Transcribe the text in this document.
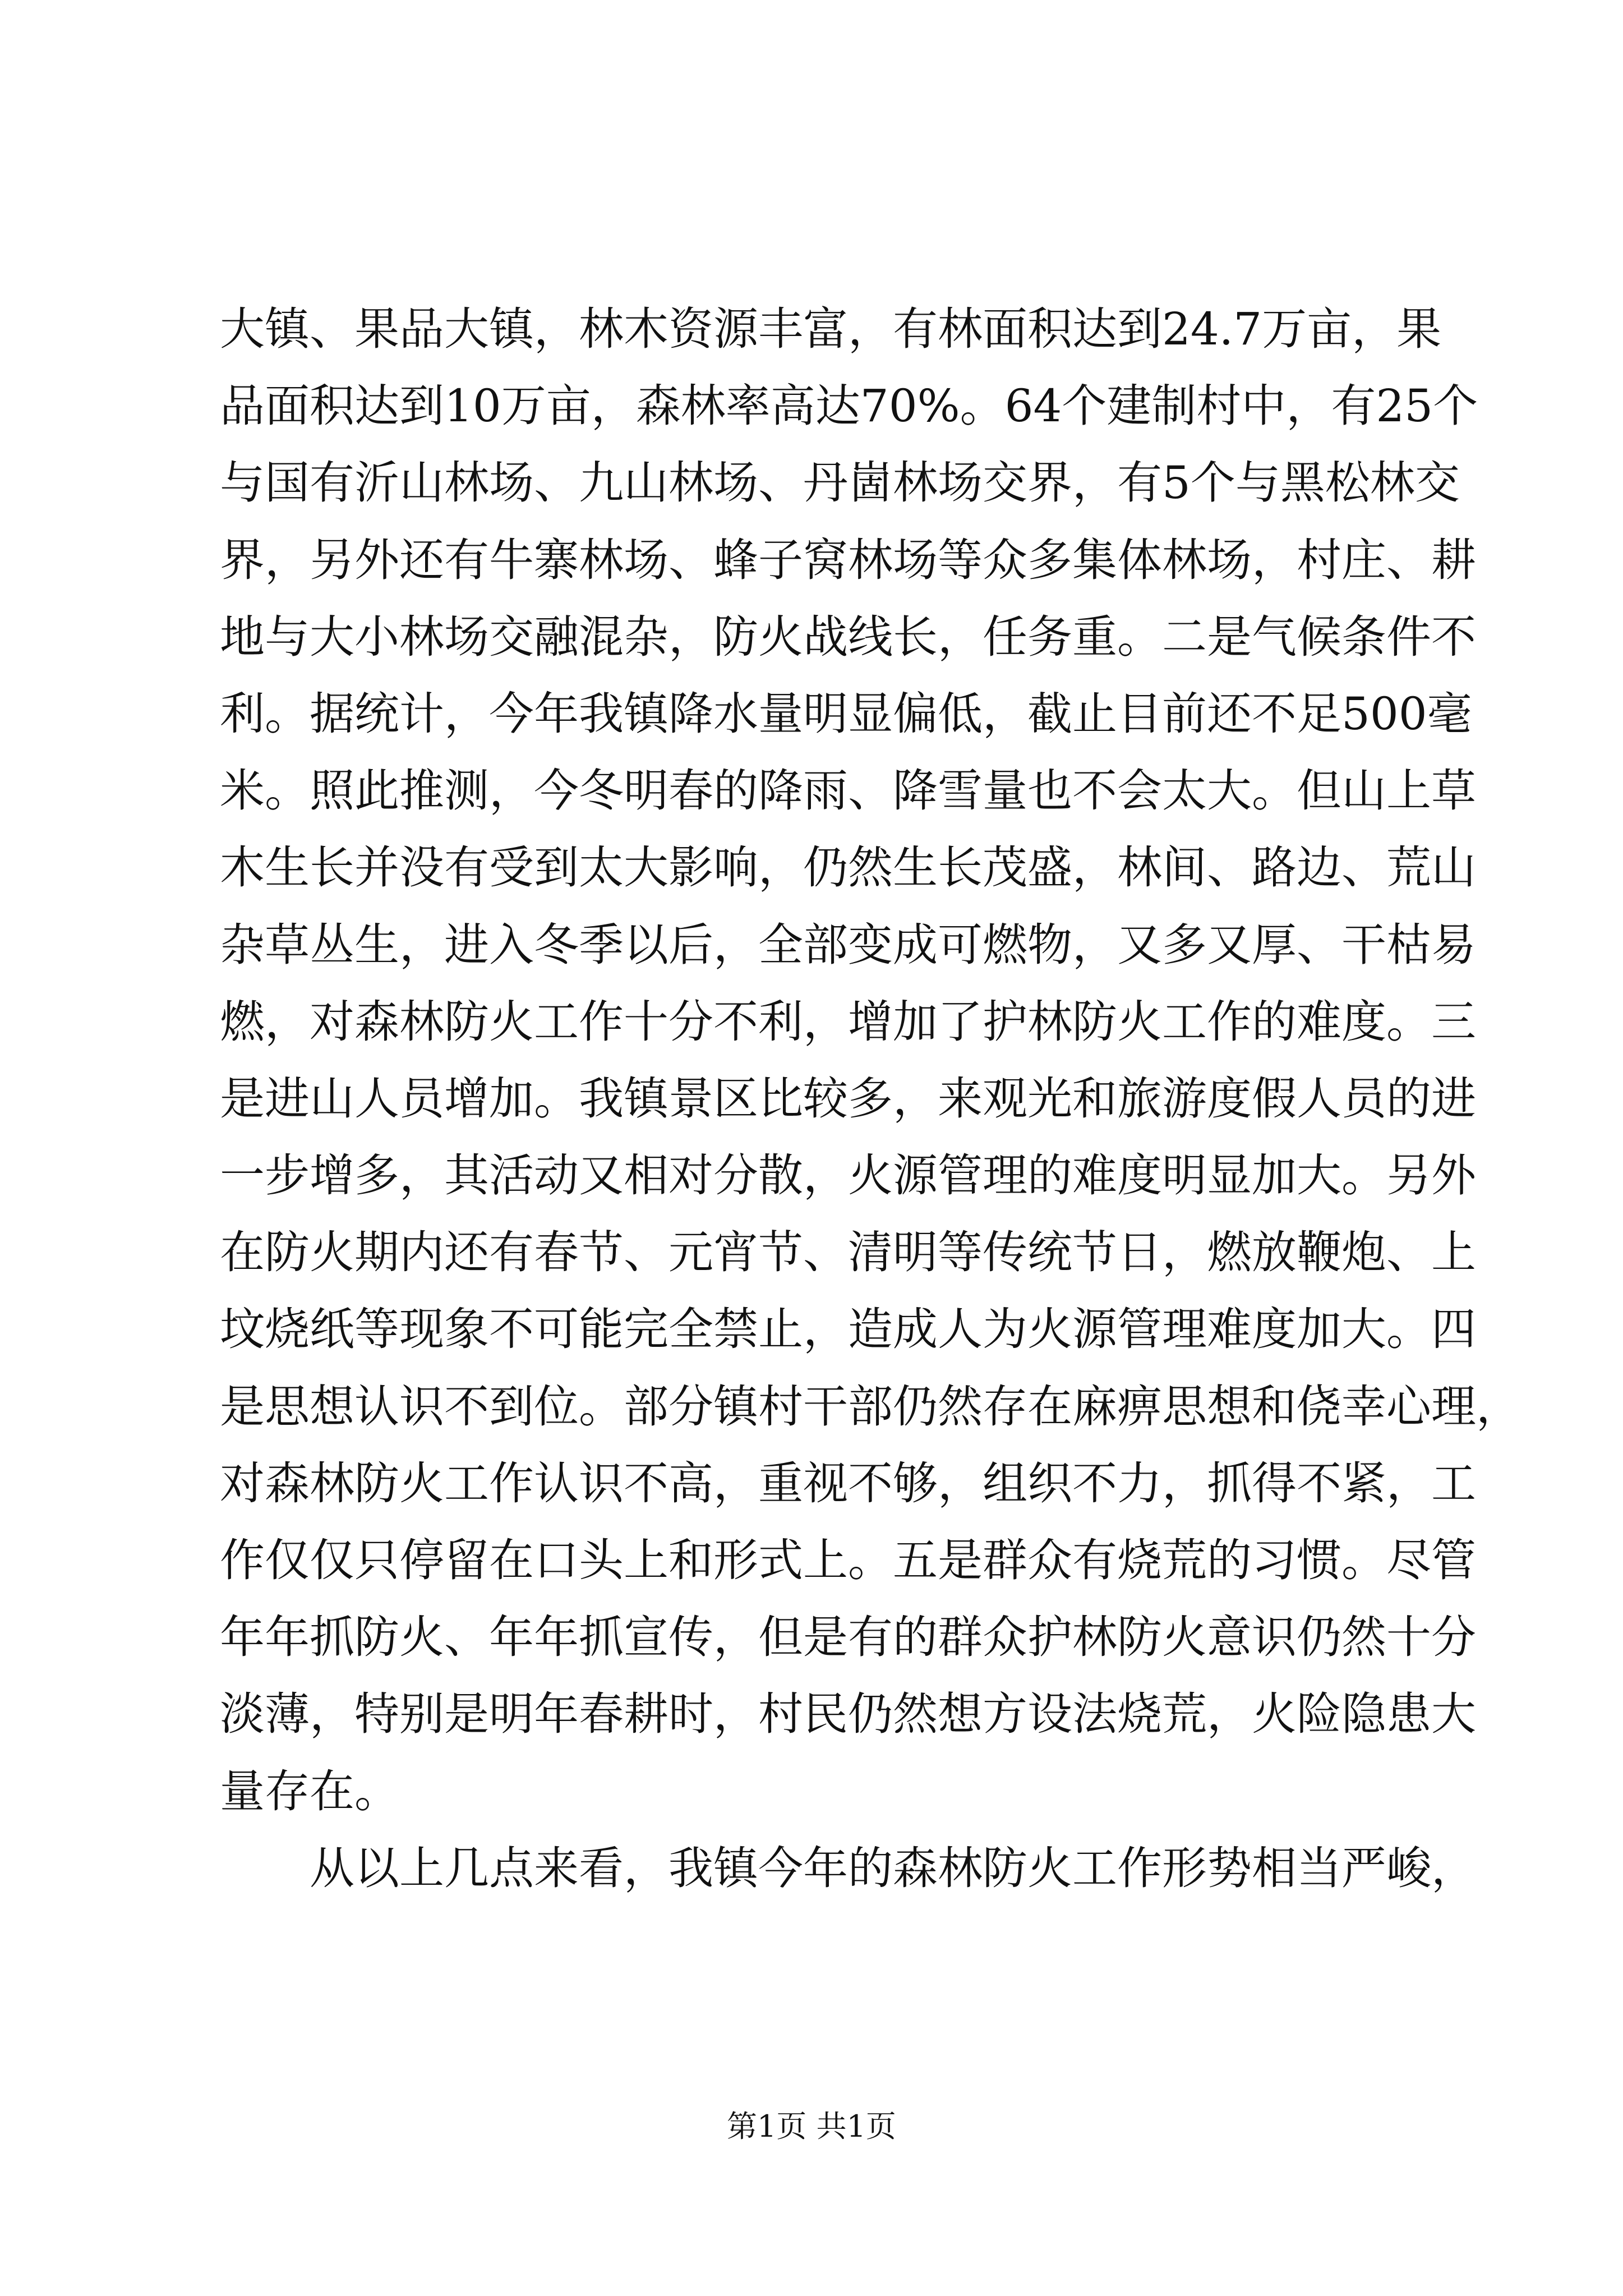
大镇、果品大镇，林木资源丰富，有林面积达到24.7万亩，果
品面积达到10万亩，森林率高达70%。64个建制村中，有25个
与国有沂山林场、九山林场、丹崮林场交界，有5个与黑松林交
界，另外还有牛寨林场、蜂子窝林场等众多集体林场，村庄、耕
地与大小林场交融混杂，防火战线长，任务重。二是气候条件不
利。据统计，今年我镇降水量明显偏低，截止目前还不足500毫
米。照此推测，今冬明春的降雨、降雪量也不会太大。但山上草
木生长并没有受到太大影响，仍然生长茂盛，林间、路边、荒山
杂草丛生，进入冬季以后，全部变成可燃物，又多又厚、干枯易
燃，对森林防火工作十分不利，增加了护林防火工作的难度。三
是进山人员增加。我镇景区比较多，来观光和旅游度假人员的进
一步增多，其活动又相对分散，火源管理的难度明显加大。另外
在防火期内还有春节、元宵节、清明等传统节日，燃放鞭炮、上
坟烧纸等现象不可能完全禁止，造成人为火源管理难度加大。四
是思想认识不到位。部分镇村干部仍然存在麻痹思想和侥幸心理，
对森林防火工作认识不高，重视不够，组织不力，抓得不紧，工
作仅仅只停留在口头上和形式上。五是群众有烧荒的习惯。尽管
年年抓防火、年年抓宣传，但是有的群众护林防火意识仍然十分
淡薄，特别是明年春耕时，村民仍然想方设法烧荒，火险隐患大
量存在。
从以上几点来看，我镇今年的森林防火工作形势相当严峻，
第1页 共1页
